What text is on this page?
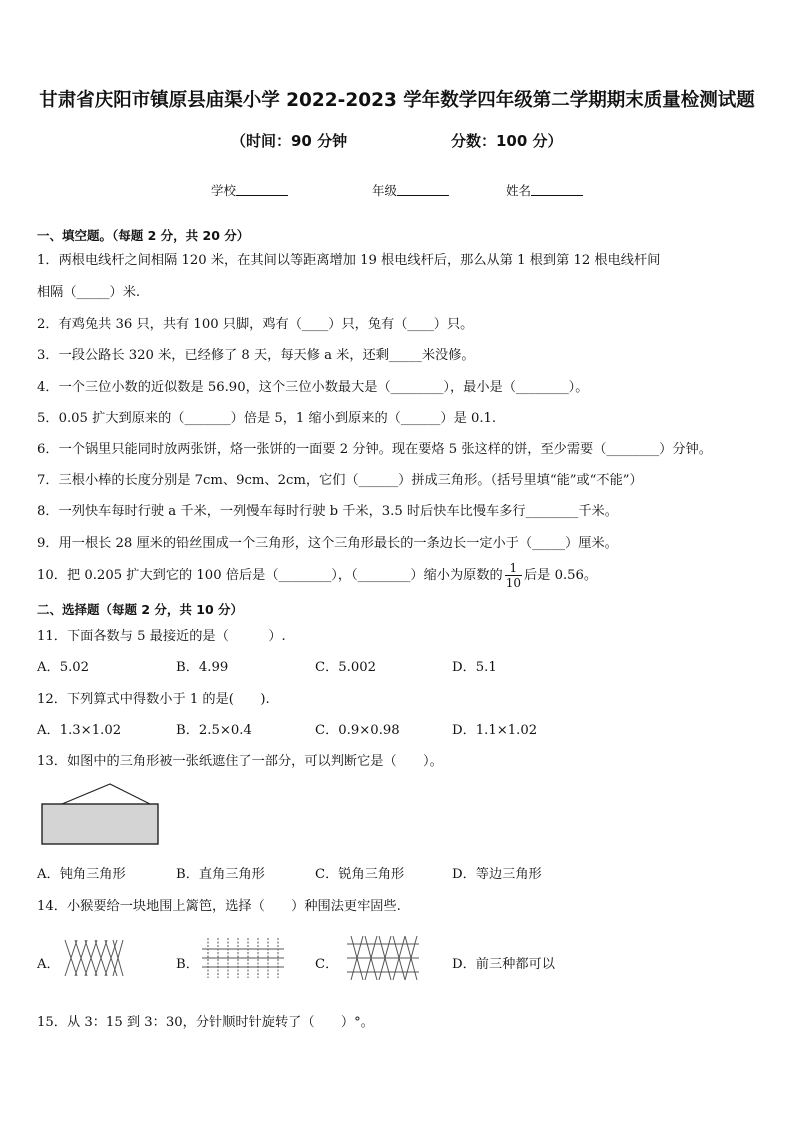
甘肃省庆阳市镇原县庙渠小学 2022-2023 学年数学四年级第二学期期末质量检测试题
（时间：90 分钟	分数：100 分）
学校	年级	姓名
一、填空题。（每题 2 分，共 20 分）
1．两根电线杆之间相隔 120 米，在其间以等距离增加 19 根电线杆后，那么从第 1 根到第 12 根电线杆间
相隔（_____）米.
2．有鸡兔共 36 只，共有 100 只脚，鸡有（____）只，兔有（____）只。
3．一段公路长 320 米，已经修了 8 天，每天修 a 米，还剩_____米没修。
4．一个三位小数的近似数是 56.90，这个三位小数最大是（________），最小是（________）。
5．0.05 扩大到原来的（_______）倍是 5，1 缩小到原来的（______）是 0.1.
6．一个锅里只能同时放两张饼，烙一张饼的一面要 2 分钟。现在要烙 5 张这样的饼，至少需要（________）分钟。
7．三根小棒的长度分别是 7cm、9cm、2cm，它们（______）拼成三角形。（括号里填“能”或“不能”）
8．一列快车每时行驶 a 千米，一列慢车每时行驶 b 千米，3.5 时后快车比慢车多行________千米。
9．用一根长 28 厘米的铅丝围成一个三角形，这个三角形最长的一条边长一定小于（_____）厘米。
10．把 0.205 扩大到它的 100 倍后是（________），（________）缩小为原数的 $\frac{1}{10}$ 后是 0.56。
二、选择题（每题 2 分，共 10 分）
11．下面各数与 5 最接近的是（　　　）.
A．5.02	B．4.99	C．5.002	D．5.1
12．下列算式中得数小于 1 的是(　　).
A．1.3×1.02	B．2.5×0.4	C．0.9×0.98	D．1.1×1.02
13．如图中的三角形被一张纸遮住了一部分，可以判断它是（　　）。
A．钝角三角形	B．直角三角形	C．锐角三角形	D．等边三角形
14．小猴要给一块地围上篱笆，选择（　　）种围法更牢固些.
A．	B．	C．	D．前三种都可以
15．从 3：15 到 3：30，分针顺时针旋转了（　　）°。
